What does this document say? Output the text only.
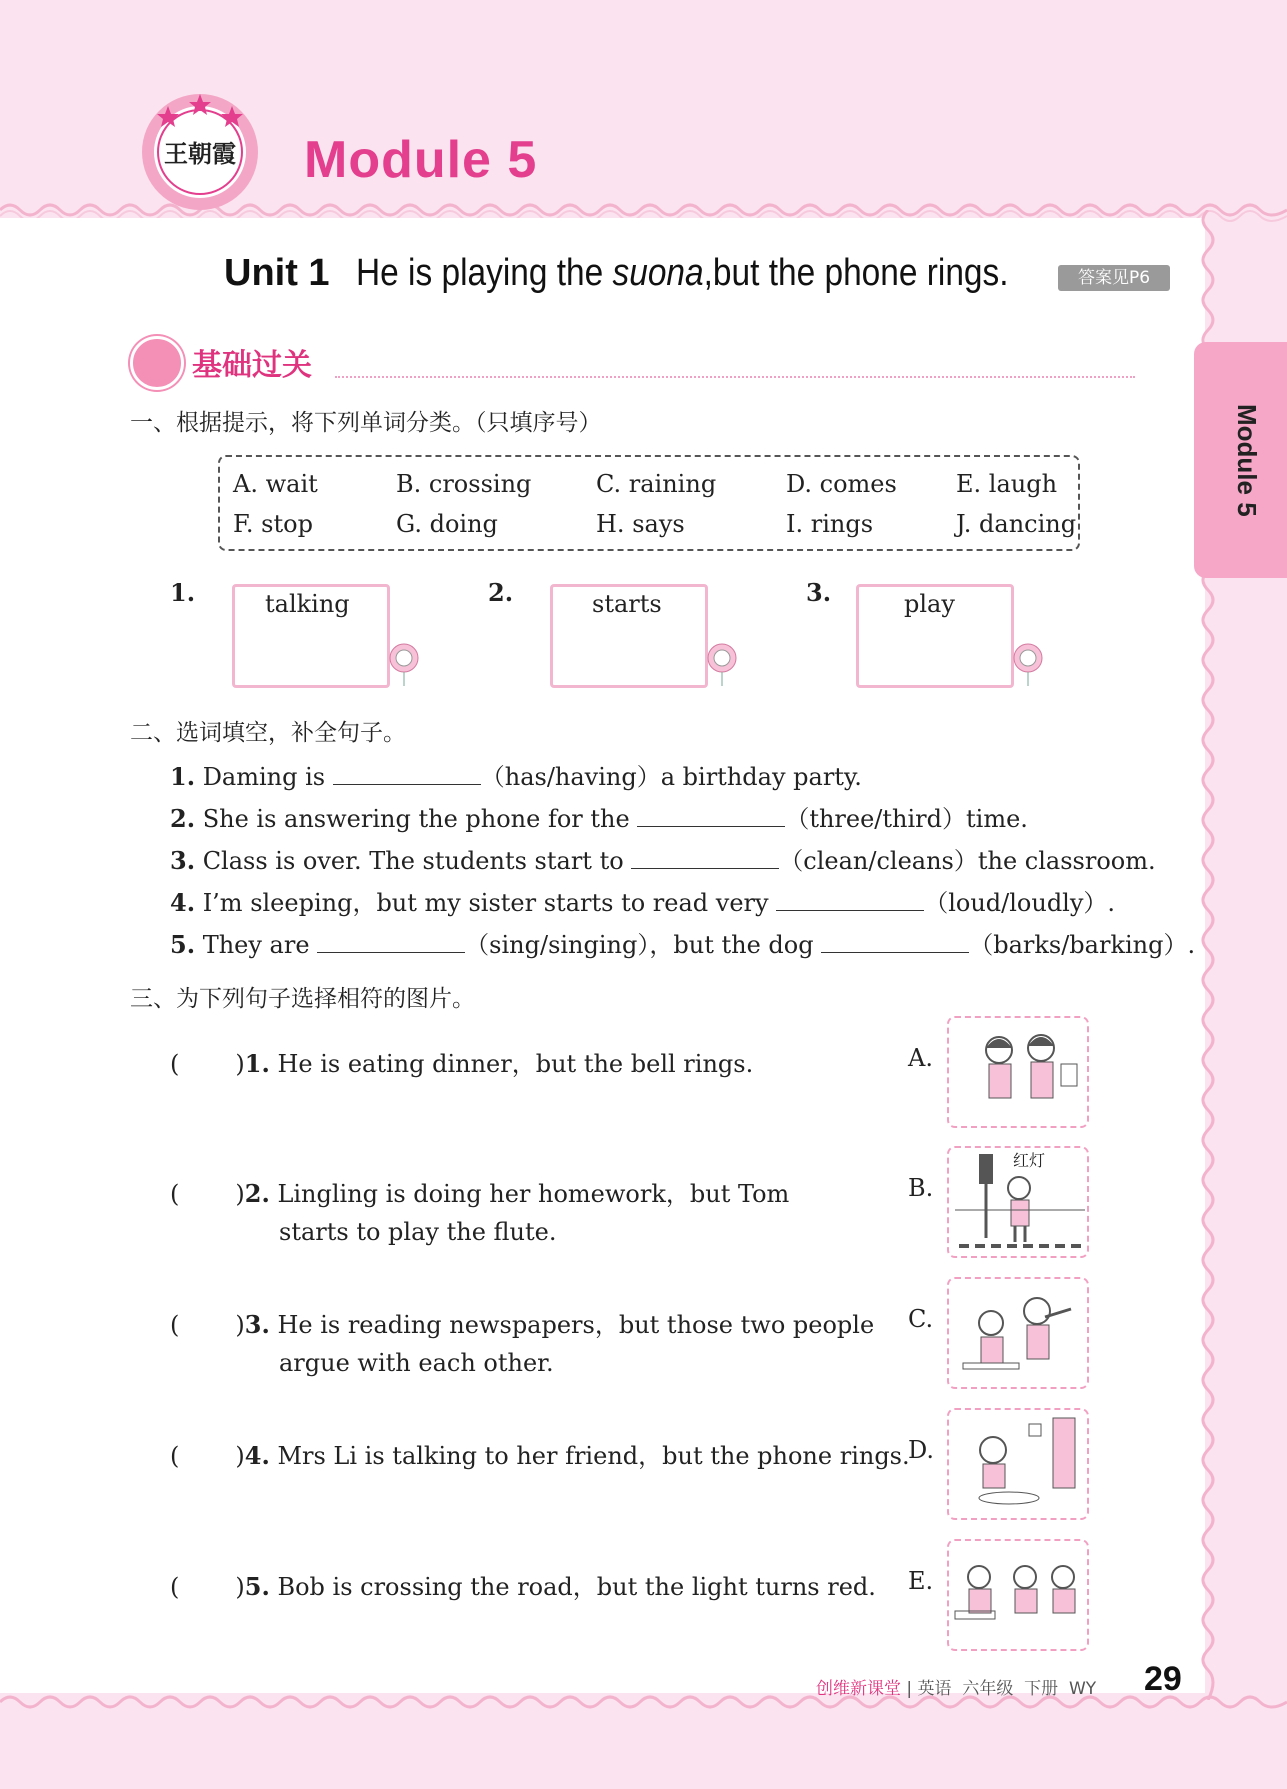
王朝霞 Module 5
Module 5
Unit 1 He is playing the suona,but the phone rings.	答案见P6
基础过关
一、根据提示，将下列单词分类。（只填序号）
A. wait	B. crossing	C. raining	D. comes E. laugh
F. stop	G. doing	H. says	I. rings	J. dancing
1.	talking	2.	starts	3.	play
二、选词填空，补全句子。
1. Daming is	（has/having）a birthday party.
2. She is answering the phone for the	（three/third）time.
3. Class is over. The students start to	（clean/cleans）the classroom.
4. I’m sleeping，but my sister starts to read very	（loud/loudly）.
5. They are	（sing/singing），but the dog	（barks/barking）.
三、为下列句子选择相符的图片。
( )1. He is eating dinner，but the bell rings.
( )2. Lingling is doing her homework，but Tom
starts to play the flute.
( )3. He is reading newspapers，but those two people
argue with each other.
( )4. Mrs Li is talking to her friend，but the phone rings.
( )5. Bob is crossing the road，but the light turns red.
A.
B.
红灯
C.
D.
E.
创维新课堂 | 英语 六年级 下册 WY 29
